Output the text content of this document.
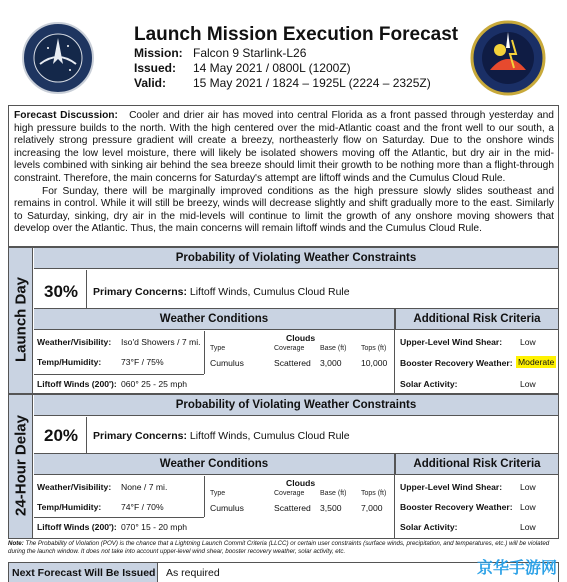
Launch Mission Execution Forecast
Mission: Falcon 9 Starlink-L26
Issued: 14 May 2021 / 0800L (1200Z)
Valid: 15 May 2021 / 1824 – 1925L (2224 – 2325Z)

Forecast Discussion: Cooler and drier air has moved into central Florida as a front passed through yesterday and high pressure builds to the north. With the high centered over the mid-Atlantic coast and the front well to our south, a relatively strong pressure gradient will create a breezy, northeasterly flow on Saturday. Due to the onshore winds increasing the low level moisture, there will likely be isolated showers moving off the Atlantic, but dry air in the mid-levels combined with sinking air behind the sea breeze should limit their growth to be nothing more than a flight-through constraint. Therefore, the main concerns for Saturday's attempt are liftoff winds and the Cumulus Cloud Rule.

For Sunday, there will be marginally improved conditions as the high pressure slowly slides southeast and remains in control. While it will still be breezy, winds will decrease slightly and shift gradually more to the east. Similarly to Saturday, sinking, dry air in the mid-levels will continue to limit the growth of any onshore moving showers that develop over the Atlantic. Thus, the main concerns will remain liftoff winds and the Cumulus Cloud Rule.

Launch Day
Probability of Violating Weather Constraints
30% Primary Concerns: Liftoff Winds, Cumulus Cloud Rule
Weather Conditions	Additional Risk Criteria
Weather/Visibility: Iso'd Showers / 7 mi.
Temp/Humidity: 73°F / 75%
Liftoff Winds (200'): 060° 25 - 25 mph
Clouds
Type	Coverage Base (ft) Tops (ft)
Cumulus	Scattered 3,000 10,000
Upper-Level Wind Shear: Low
Booster Recovery Weather: Moderate
Solar Activity:	Low
24-Hour Delay
Probability of Violating Weather Constraints
20% Primary Concerns: Liftoff Winds, Cumulus Cloud Rule
Weather Conditions	Additional Risk Criteria
Weather/Visibility: None / 7 mi.
Temp/Humidity: 74°F / 70%
Liftoff Winds (200'): 070° 15 - 20 mph
Clouds
Type	Coverage Base (ft) Tops (ft)
Cumulus	Scattered 3,500 7,000
Upper-Level Wind Shear: Low
Booster Recovery Weather: Low
Solar Activity:	Low
Note: The Probability of Violation (POV) is the chance that a Lightning Launch Commit Criteria (LLCC) or certain user constraints (surface winds, precipitation, and temperatures, etc.) will be violated during the launch window. It does not take into account upper-level wind shear, booster recovery weather, solar activity, etc.
Next Forecast Will Be Issued As required	京华手游网
